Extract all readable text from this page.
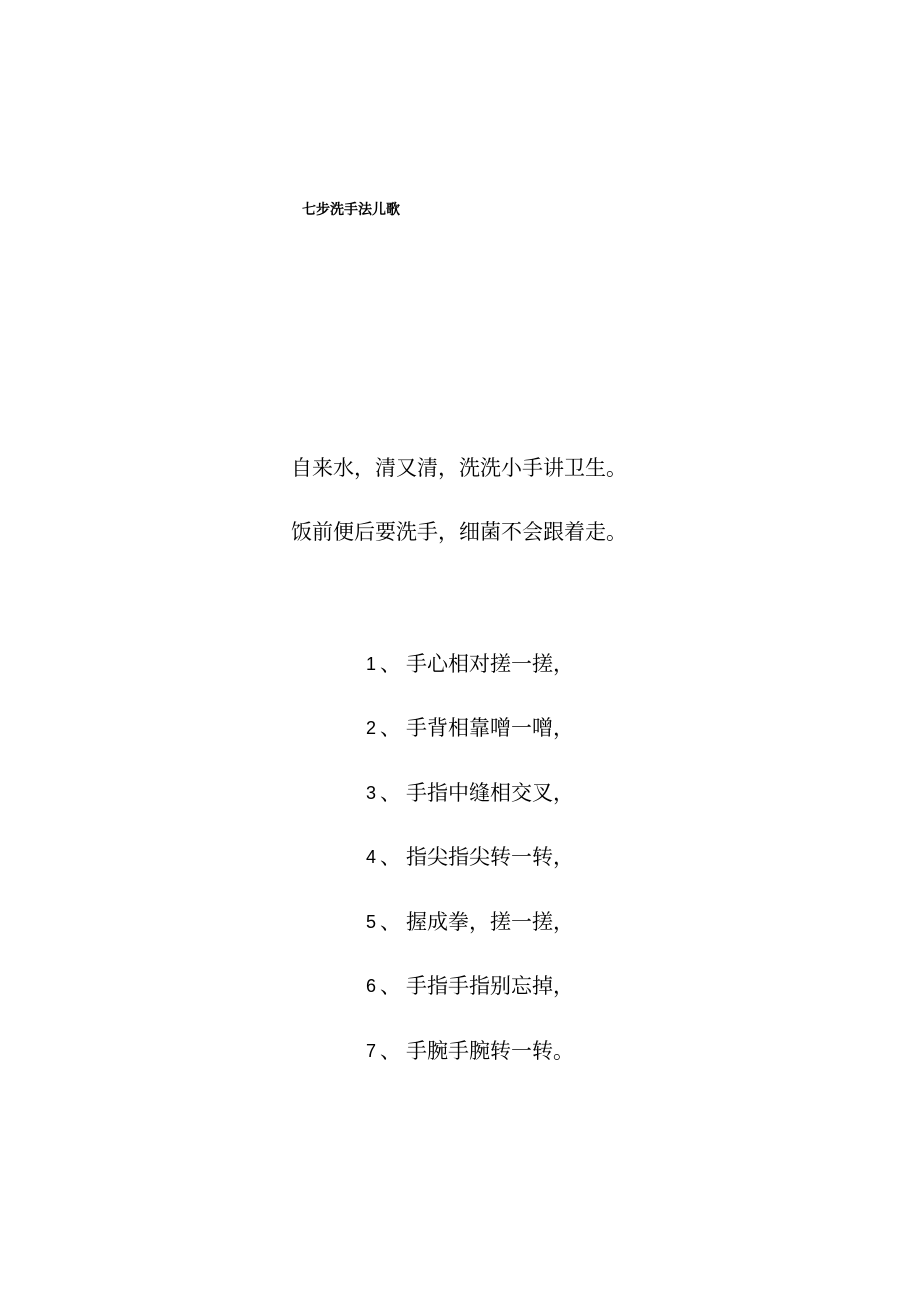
七步洗手法儿歌
自来水，清又清，洗洗小手讲卫生。
饭前便后要洗手，细菌不会跟着走。
1 、 手心相对搓一搓，
2 、 手背相靠噌一噌，
3 、 手指中缝相交叉，
4 、 指尖指尖转一转，
5 、 握成拳，搓一搓，
6 、 手指手指别忘掉，
7 、 手腕手腕转一转。
